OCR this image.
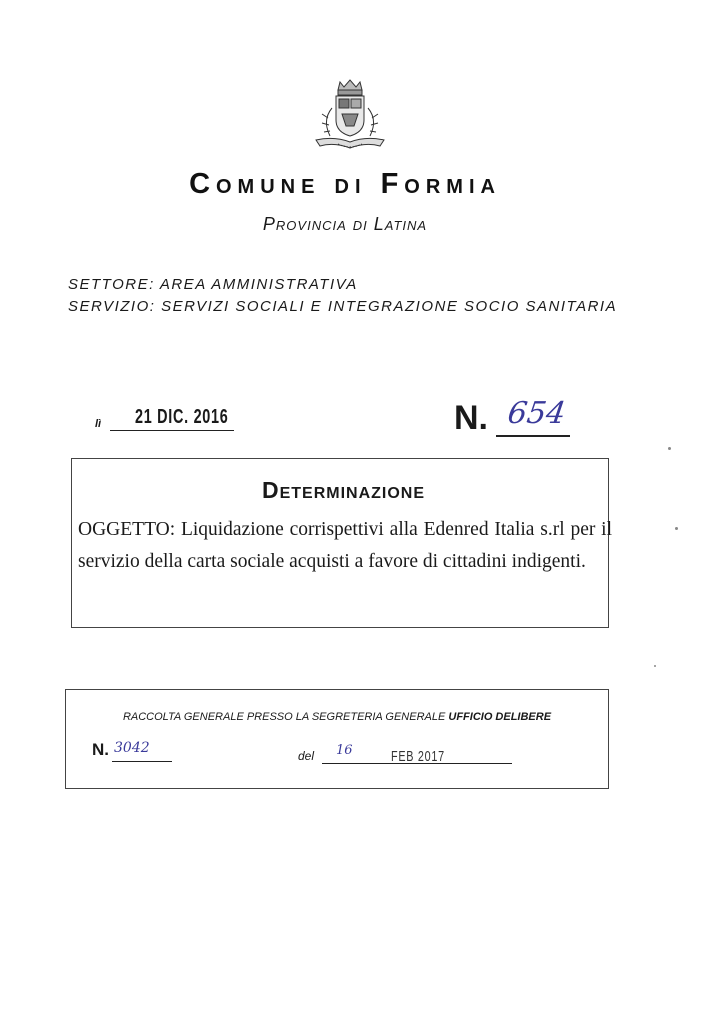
Comune di Formia
Provincia di Latina
SETTORE: AREA AMMINISTRATIVA
SERVIZIO: SERVIZI SOCIALI E INTEGRAZIONE SOCIO SANITARIA
lì 21 DIC. 2016	N. 654
Determinazione
OGGETTO: Liquidazione corrispettivi alla Edenred Italia s.rl per il servizio della carta sociale acquisti a favore di cittadini indigenti.
RACCOLTA GENERALE PRESSO LA SEGRETERIA GENERALE UFFICIO DELIBERE
N. 3042	del 16	FEB 2017
